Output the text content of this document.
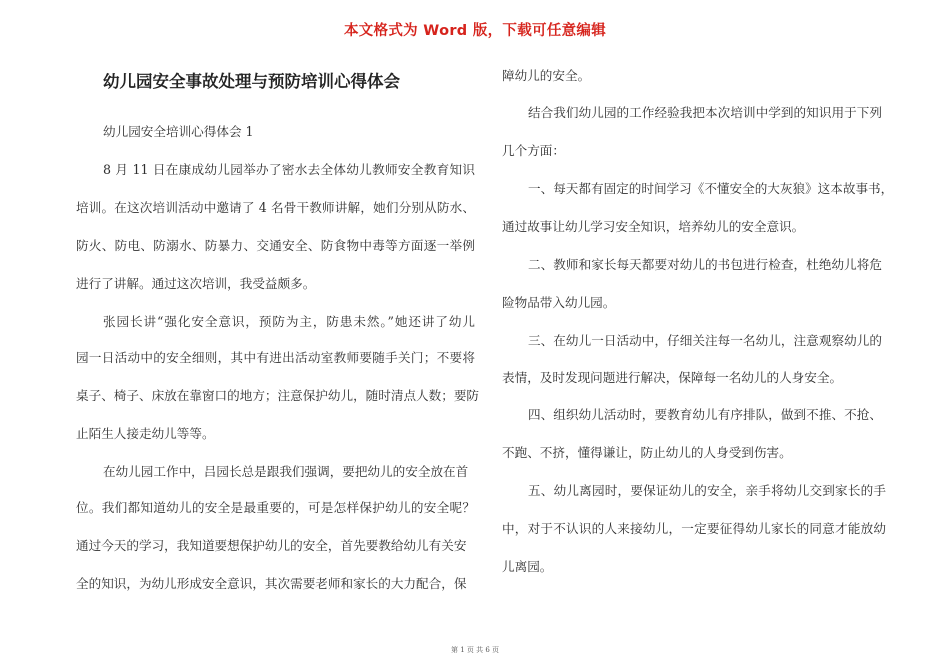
本文格式为 Word 版，下载可任意编辑
幼儿园安全事故处理与预防培训心得体会
幼儿园安全培训心得体会 1
8 月 11 日在康成幼儿园举办了密水去全体幼儿教师安全教育知识
培训。在这次培训活动中邀请了 4 名骨干教师讲解，她们分别从防水、
防火、防电、防溺水、防暴力、交通安全、防食物中毒等方面逐一举例
进行了讲解。通过这次培训，我受益颇多。
张园长讲“强化安全意识，预防为主，防患未然。”她还讲了幼儿
园一日活动中的安全细则，其中有进出活动室教师要随手关门；不要将
桌子、椅子、床放在靠窗口的地方；注意保护幼儿，随时清点人数；要防
止陌生人接走幼儿等等。
在幼儿园工作中，吕园长总是跟我们强调，要把幼儿的安全放在首
位。我们都知道幼儿的安全是最重要的，可是怎样保护幼儿的安全呢？
通过今天的学习，我知道要想保护幼儿的安全，首先要教给幼儿有关安
全的知识，为幼儿形成安全意识，其次需要老师和家长的大力配合，保
障幼儿的安全。
结合我们幼儿园的工作经验我把本次培训中学到的知识用于下列
几个方面：
一、每天都有固定的时间学习《不懂安全的大灰狼》这本故事书，
通过故事让幼儿学习安全知识，培养幼儿的安全意识。
二、教师和家长每天都要对幼儿的书包进行检查，杜绝幼儿将危
险物品带入幼儿园。
三、在幼儿一日活动中，仔细关注每一名幼儿，注意观察幼儿的
表情，及时发现问题进行解决，保障每一名幼儿的人身安全。
四、组织幼儿活动时，要教育幼儿有序排队，做到不推、不抢、
不跑、不挤，懂得谦让，防止幼儿的人身受到伤害。
五、幼儿离园时，要保证幼儿的安全，亲手将幼儿交到家长的手
中，对于不认识的人来接幼儿，一定要征得幼儿家长的同意才能放幼
儿离园。
第 1 页 共 6 页
